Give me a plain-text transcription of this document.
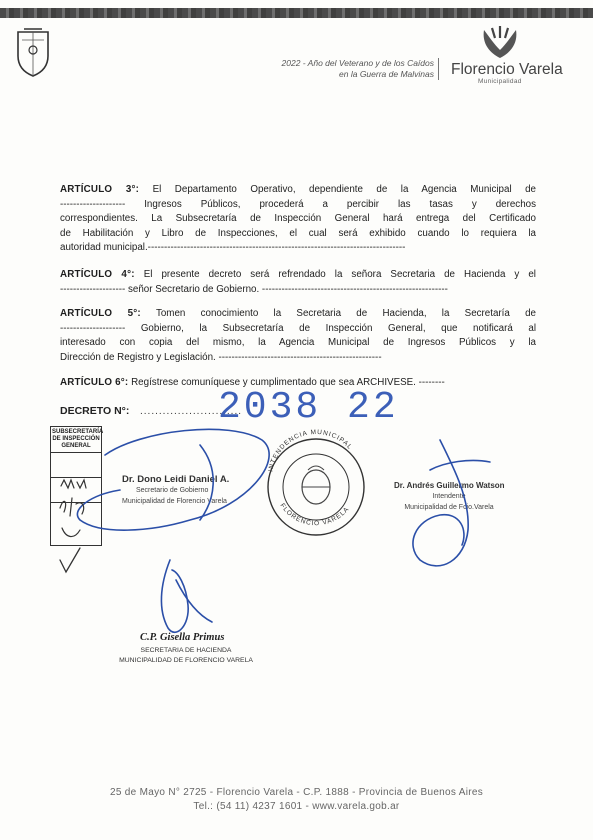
2022 - Año del Veterano y de los Caídos
en la Guerra de Malvinas Florencio Varela
Municipalidad
ARTÍCULO 3°: El Departamento Operativo, dependiente de la Agencia Municipal de
-------------------- Ingresos Públicos, procederá a percibir las tasas y derechos
correspondientes. La Subsecretaría de Inspección General hará entrega del Certificado
de Habilitación y Libro de Inspecciones, el cual será exhibido cuando lo requiera la
autoridad municipal.-------------------------------------------------------------------------------
ARTÍCULO 4°: El presente decreto será refrendado la señora Secretaria de Hacienda y el
-------------------- señor Secretario de Gobierno. ---------------------------------------------------------
ARTÍCULO 5°: Tomen conocimiento la Secretaria de Hacienda, la Secretaría de
-------------------- Gobierno, la Subsecretaría de Inspección General, que notificará al
interesado con copia del mismo, la Agencia Municipal de Ingresos Públicos y la
Dirección de Registro y Legislación. --------------------------------------------------
ARTÍCULO 6°: Regístrese comuníquese y cumplimentado que sea ARCHIVESE. --------
DECRETO N°: ...........................
2038 22
SUBSECRETARÍA DE INSPECCIÓN GENERAL
Dr. Dono Leidi Daniel A.
Secretario de Gobierno
Municipalidad de Florencio Varela
INTENDENCIA MUNICIPAL
FLORENCIO VARELA
Dr. Andrés Guillermo Watson
Intendente
Municipalidad de Fcio.Varela
C.P. Gisella Primus
SECRETARIA DE HACIENDA
MUNICIPALIDAD DE FLORENCIO VARELA
25 de Mayo N° 2725 - Florencio Varela - C.P. 1888 - Provincia de Buenos Aires
Tel.: (54 11) 4237 1601 - www.varela.gob.ar
